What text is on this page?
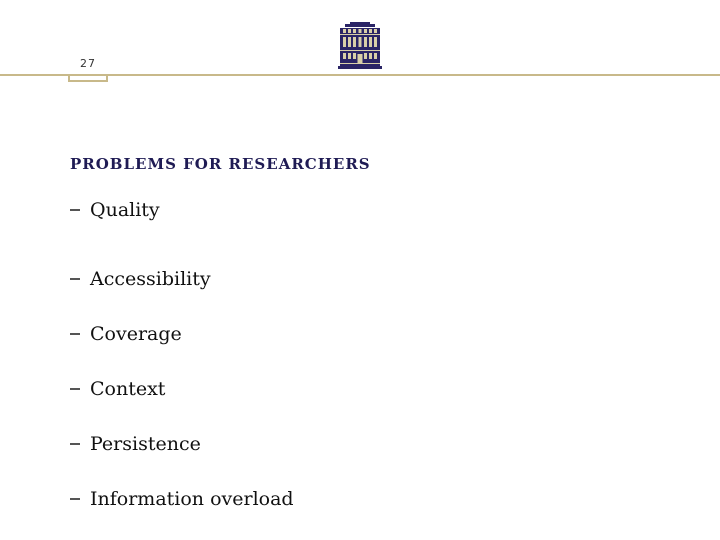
27
PROBLEMS FOR RESEARCHERS
Quality
Accessibility
Coverage
Context
Persistence
Information overload
